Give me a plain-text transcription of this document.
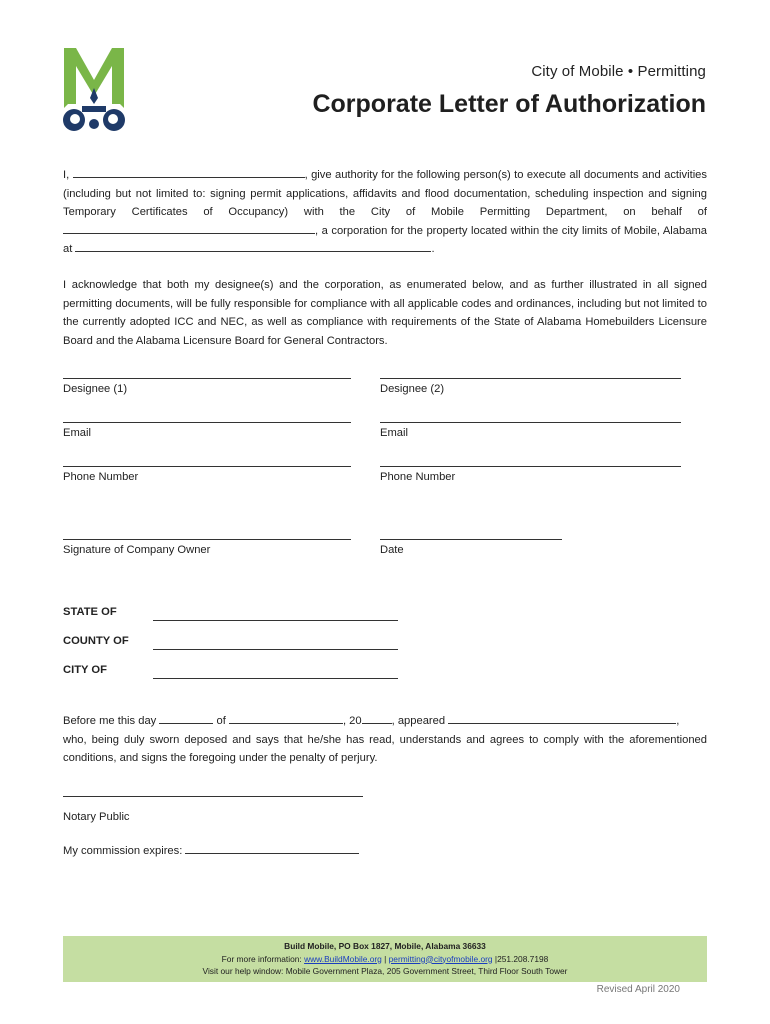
City of Mobile • Permitting
Corporate Letter of Authorization
I,	, give authority for the following person(s) to execute all documents and activities (including but not limited to: signing permit applications, affidavits and flood documentation, scheduling inspection and signing Temporary Certificates of Occupancy) with the City of Mobile Permitting Department, on behalf of , a corporation for the property located within the city limits of Mobile, Alabama at	.
I acknowledge that both my designee(s) and the corporation, as enumerated below, and as further illustrated in all signed permitting documents, will be fully responsible for compliance with all applicable codes and ordinances, including but not limited to the currently adopted ICC and NEC, as well as compliance with requirements of the State of Alabama Homebuilders Licensure Board and the Alabama Licensure Board for General Contractors.
Designee (1)	Designee (2)
Email	Email
Phone Number	Phone Number
Signature of Company Owner	Date
STATE OF
COUNTY OF
CITY OF
Before me this day	of	, 20	, appeared	,
who, being duly sworn deposed and says that he/she has read, understands and agrees to comply with the aforementioned conditions, and signs the foregoing under the penalty of perjury.
Notary Public
My commission expires:
Build Mobile, PO Box 1827, Mobile, Alabama 36633
For more information: www.BuildMobile.org | permitting@cityofmobile.org |251.208.7198
Visit our help window: Mobile Government Plaza, 205 Government Street, Third Floor South Tower
Revised April 2020
